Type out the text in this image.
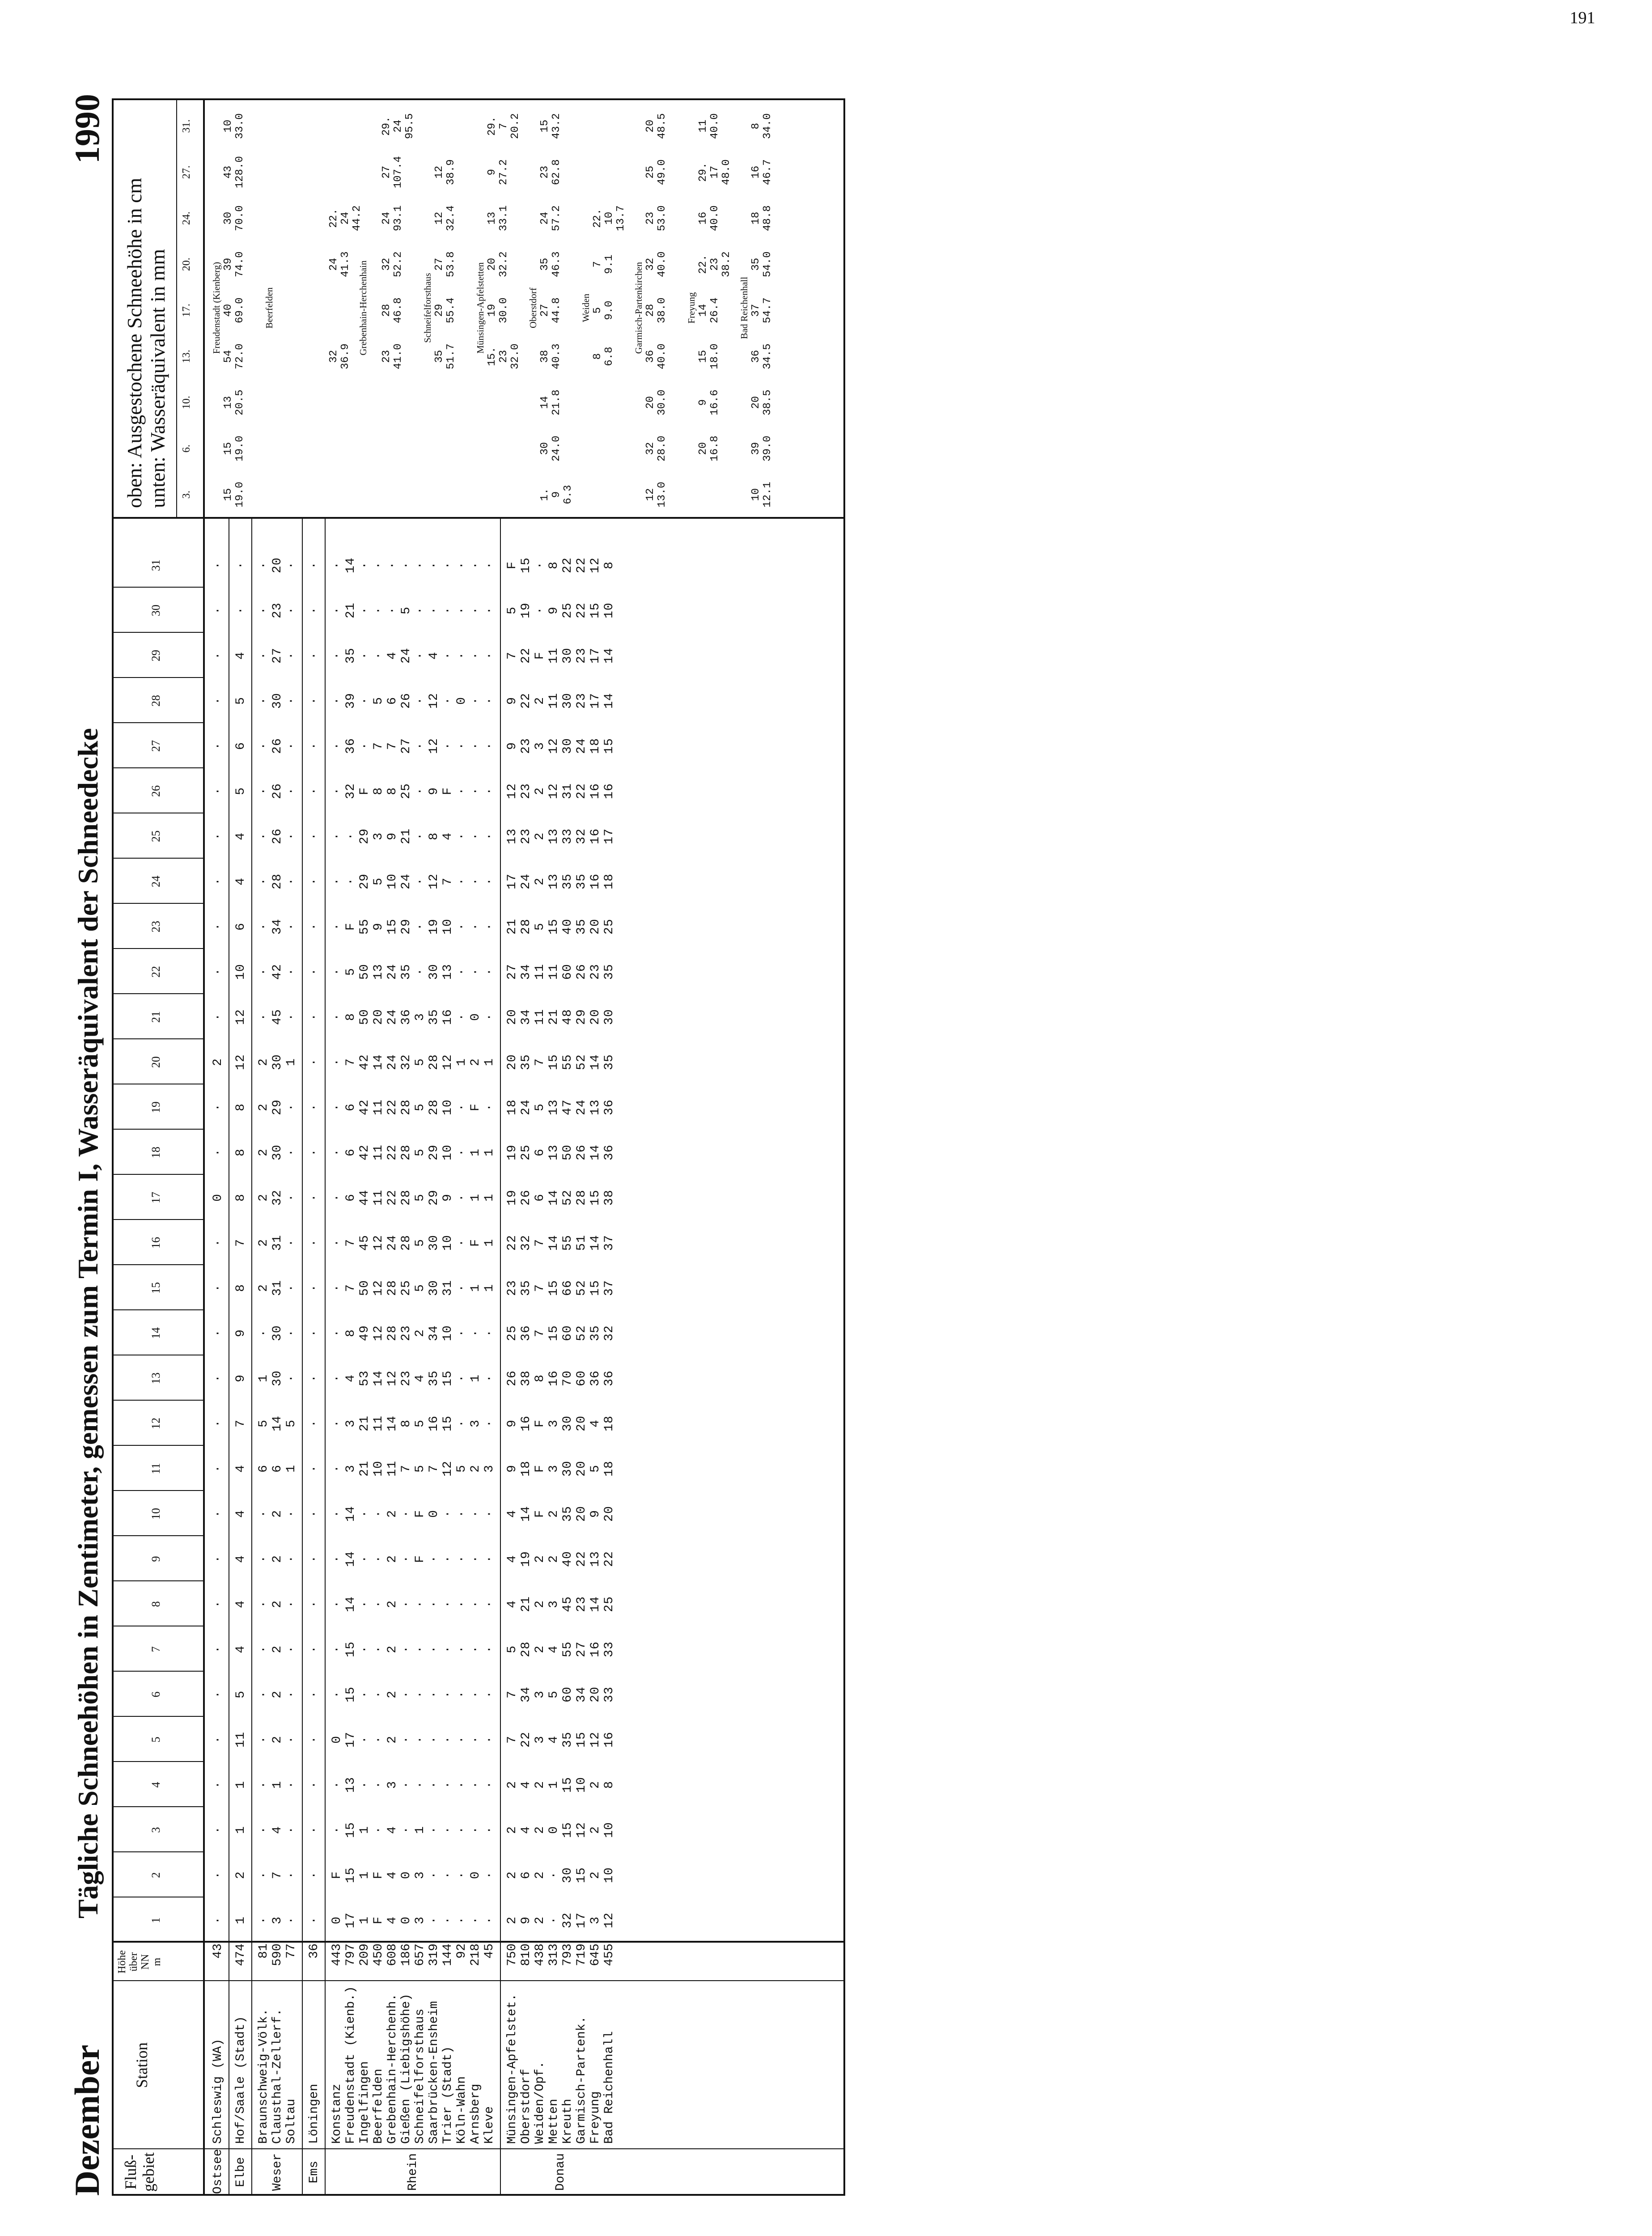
191
Dezember
Tägliche Schneehöhen in Zentimeter, gemessen zum Termin I, Wasseräquivalent der Schneedecke
1990
Fluß-gebiet
Station
Höhe über NN m
oben: Ausgestochene Schneehöhe in cm
unten: Wasseräquivalent in mm
1
2
3
4
5
6
7
8
9
10
11
12
13
14
15
16
17
18
19
20
21
22
23
24
25
26
27
28
29
30
31
3.
6.
10.
13.
17.
20.
24.
27.
31.
Schleswig (WA)
43
·
·
·
·
·
·
·
·
·
·
·
·
·
·
·
·
0
·
·
2
·
·
·
·
·
·
·
·
·
·
·
Ostsee
Hof/Saale (Stadt)
474
1
2
1
1
11
5
4
4
4
4
4
7
9
9
8
7
8
8
8
12
12
10
6
4
4
5
6
5
4
·
·
Elbe
Braunschweig-Völk.
81
·
·
·
·
·
·
·
·
·
·
6
5
1
·
2
2
2
2
2
2
·
·
·
·
·
·
·
·
·
·
·
Clausthal-Zellerf.
590
3
7
4
1
2
2
2
2
2
2
6
14
30
30
31
31
32
30
29
30
45
42
34
28
26
26
26
30
27
23
20
Soltau
77
·
·
·
·
·
·
·
·
·
·
1
5
·
·
·
·
·
·
·
1
·
·
·
·
·
·
·
·
·
·
·
Weser
Löningen
36
·
·
·
·
·
·
·
·
·
·
·
·
·
·
·
·
·
·
·
·
·
·
·
·
·
·
·
·
·
·
·
Ems
Konstanz
443
0
F
·
·
0
·
·
·
·
·
·
·
·
·
·
·
·
·
·
·
·
·
·
·
·
·
·
·
·
·
·
Freudenstadt (Kienb.)
797
17
15
15
13
17
15
15
14
14
14
3
3
4
8
7
7
6
6
6
7
8
5
F
·
·
32
36
39
35
21
14
Ingelfingen
209
1
1
1
·
·
·
·
·
·
·
21
21
53
49
50
45
44
42
42
42
50
50
55
29
29
F
·
·
·
·
·
Beerfelden
450
F
F
·
·
·
·
·
·
·
·
10
11
14
12
12
12
11
11
11
14
20
13
9
5
3
8
7
5
·
·
·
Grebenhain-Herchenh.
608
4
4
4
3
2
2
2
2
2
2
11
14
12
28
28
24
22
22
22
24
24
24
15
10
9
8
7
6
4
·
·
Gießen (Liebigshöhe)
186
0
0
·
·
·
·
·
·
·
·
7
8
23
23
25
28
28
28
28
32
36
35
29
24
21
25
27
26
24
5
·
Schneifelforsthaus
657
3
3
1
·
·
·
·
·
F
F
5
5
4
2
5
5
5
5
5
5
3
·
·
·
·
·
·
·
·
·
·
Saarbrücken-Ensheim
319
·
·
·
·
·
·
·
·
·
0
7
16
35
34
30
30
29
29
28
28
35
30
19
12
8
9
12
12
4
·
·
Trier (Stadt)
144
·
·
·
·
·
·
·
·
·
·
12
15
15
10
31
10
9
10
10
12
16
13
10
7
4
F
·
·
·
·
·
Köln-Wahn
92
·
·
·
·
·
·
·
·
·
·
5
·
·
·
·
·
·
·
·
1
·
·
·
·
·
·
·
0
·
·
·
Arnsberg
218
·
0
·
·
·
·
·
·
·
·
2
3
1
·
1
F
1
1
F
2
0
·
·
·
·
·
·
·
·
·
·
Kleve
45
·
·
·
·
·
·
·
·
·
·
3
·
·
·
1
1
1
1
·
1
·
·
·
·
·
·
·
·
·
·
·
Rhein
Münsingen-Apfelstet.
750
2
2
2
2
7
7
5
4
4
4
9
9
26
25
23
22
19
19
18
20
20
27
21
17
13
12
9
9
7
5
F
Oberstdorf
810
9
6
4
4
22
34
28
21
19
14
18
16
38
36
35
32
26
25
24
35
34
34
28
24
23
23
23
22
22
19
15
Weiden/Opf.
438
2
2
2
2
3
3
2
2
2
F
F
F
8
7
7
7
6
6
5
7
11
11
5
2
2
2
3
2
F
·
·
Metten
313
·
·
0
1
4
5
4
3
2
2
3
3
16
15
15
14
14
13
13
15
21
11
15
13
13
12
12
11
11
9
8
Kreuth
793
32
30
15
15
35
60
55
45
40
35
30
30
70
60
66
55
52
50
47
55
48
60
40
35
33
31
30
30
30
25
22
Garmisch-Partenk.
719
17
15
12
10
15
34
27
23
22
20
20
20
60
52
52
51
28
26
24
52
29
26
35
35
32
22
24
23
23
22
22
Freyung
645
3
2
2
2
12
20
16
14
13
9
5
4
36
35
15
14
15
14
13
14
20
23
20
16
16
16
18
17
17
15
12
Bad Reichenhall
455
12
10
10
8
16
33
33
25
22
20
18
18
36
32
37
37
38
36
36
35
30
35
25
18
17
16
15
14
14
10
8
Donau
15 19.0
15 19.0
13 20.5
54 72.0
40 69.0
39 74.0
30 70.0
43 128.0
10 33.0
Freudenstadt (Kienberg)	Beerfelden
32 36.9
24 41.3
22. 24 44.2
Grebenhain-Herchenhain
23 41.0
28 46.8
32 52.2
24 93.1
27 107.4
29. 24 95.5
35 51.7
29 55.4
27 53.8
12 32.4
12 38.9
Schneifelforsthaus
15. 23 32.0
19 30.0
20 32.2
13 33.1
9 27.2
29. 7 20.2
Münsingen-Apfelstetten
1. 9 6.3
30 24.0
14 21.8
38 40.3
27 44.8
35 46.3
24 57.2
23 62.8
15 43.2
Oberstdorf
8 6.8
5 9.0
7 9.1
22. 10 13.7
Weiden
12 13.0
32 28.0
20 30.0
36 40.0
28 38.0
32 40.0
23 53.0
25 49.0
20 48.5
Garmisch-Partenkirchen
20 16.8
9 16.6
15 18.0
14 26.4
22. 23 38.2
16 40.0
29. 17 48.0
11 40.0
Freyung
10 12.1
39 39.0
20 38.5
36 34.5
37 54.7
35 54.0
18 48.8
16 46.7
8 34.0
Bad Reichenhall
